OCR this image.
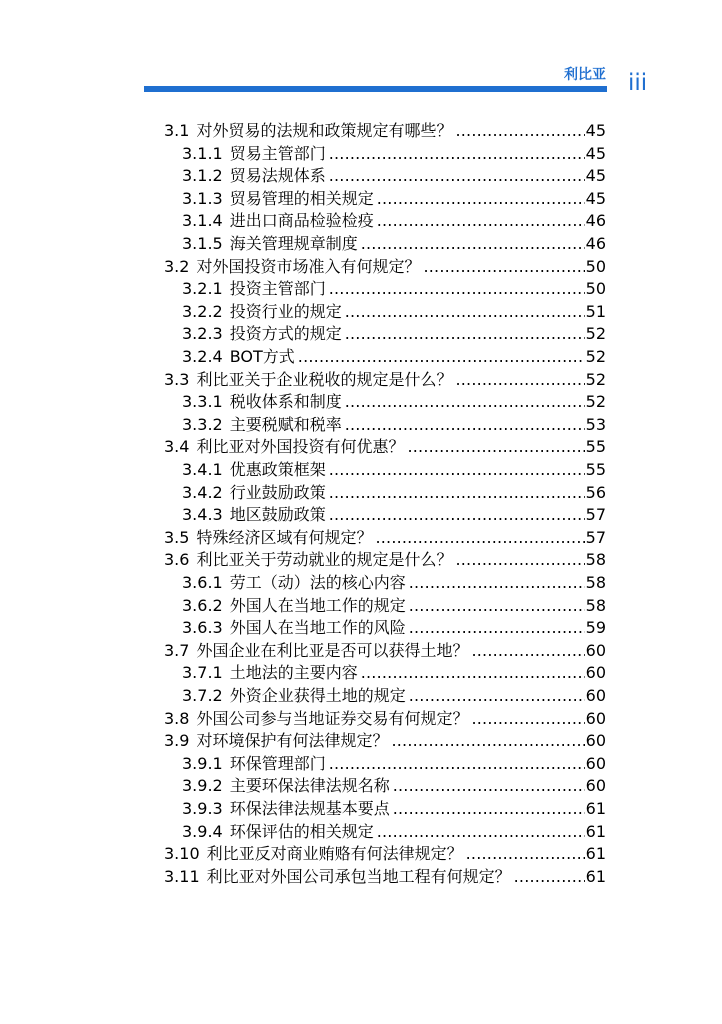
利比亚 iii
3.1 对外贸易的法规和政策规定有哪些？ .....	45
3.1.1 贸易主管部门 .....	45
3.1.2 贸易法规体系 .....	45
3.1.3 贸易管理的相关规定 .....	45
3.1.4 进出口商品检验检疫 .....	46
3.1.5 海关管理规章制度 .....	46
3.2 对外国投资市场准入有何规定？ .....	50
3.2.1 投资主管部门 .....	50
3.2.2 投资行业的规定 .....	51
3.2.3 投资方式的规定 .....	52
3.2.4 BOT方式 .....	52
3.3 利比亚关于企业税收的规定是什么？ .....	52
3.3.1 税收体系和制度 .....	52
3.3.2 主要税赋和税率 .....	53
3.4 利比亚对外国投资有何优惠？ .....	55
3.4.1 优惠政策框架 .....	55
3.4.2 行业鼓励政策 .....	56
3.4.3 地区鼓励政策 .....	57
3.5 特殊经济区域有何规定？ .....	57
3.6 利比亚关于劳动就业的规定是什么？ .....	58
3.6.1 劳工（动）法的核心内容 .....	58
3.6.2 外国人在当地工作的规定 .....	58
3.6.3 外国人在当地工作的风险 .....	59
3.7 外国企业在利比亚是否可以获得土地？ .....	60
3.7.1 土地法的主要内容 .....	60
3.7.2 外资企业获得土地的规定 .....	60
3.8 外国公司参与当地证券交易有何规定？ .....	60
3.9 对环境保护有何法律规定？ .....	60
3.9.1 环保管理部门 .....	60
3.9.2 主要环保法律法规名称 .....	60
3.9.3 环保法律法规基本要点 .....	61
3.9.4 环保评估的相关规定 .....	61
3.10 利比亚反对商业贿赂有何法律规定？ .....	61
3.11 利比亚对外国公司承包当地工程有何规定？ .....	61
